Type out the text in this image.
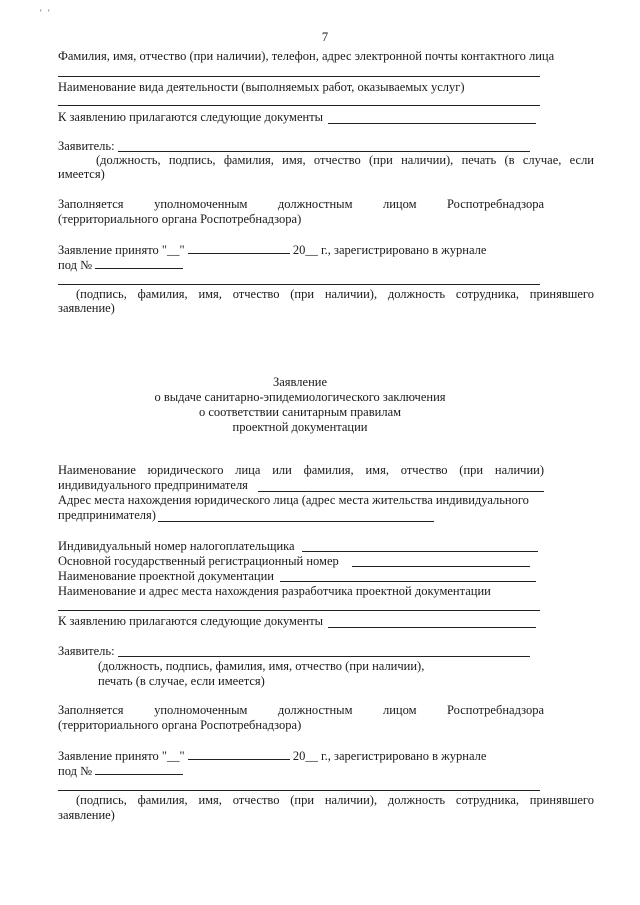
' '
7
Фамилия, имя, отчество (при наличии), телефон, адрес электронной почты контактного лица
Наименование вида деятельности (выполняемых работ, оказываемых услуг)
К заявлению прилагаются следующие документы
Заявитель:
(должность, подпись, фамилия, имя, отчество (при наличии), печать (в случае, если
имеется)
Заполняется уполномоченным должностным лицом Роспотребнадзора
(территориального органа Роспотребнадзора)
Заявление принято "__"	20__ г., зарегистрировано в журнале
под №
(подпись, фамилия, имя, отчество (при наличии), должность сотрудника, принявшего
заявление)
Заявление
о выдаче санитарно-эпидемиологического заключения
о соответствии санитарным правилам
проектной документации
Наименование юридического лица или фамилия, имя, отчество (при наличии)
индивидуального предпринимателя
Адрес места нахождения юридического лица (адрес места жительства индивидуального
предпринимателя)
Индивидуальный номер налогоплательщика
Основной государственный регистрационный номер
Наименование проектной документации
Наименование и адрес места нахождения разработчика проектной документации
К заявлению прилагаются следующие документы
Заявитель:
(должность, подпись, фамилия, имя, отчество (при наличии),
печать (в случае, если имеется)
Заполняется уполномоченным должностным лицом Роспотребнадзора
(территориального органа Роспотребнадзора)
Заявление принято "__"	20__ г., зарегистрировано в журнале
под №
(подпись, фамилия, имя, отчество (при наличии), должность сотрудника, принявшего
заявление)
